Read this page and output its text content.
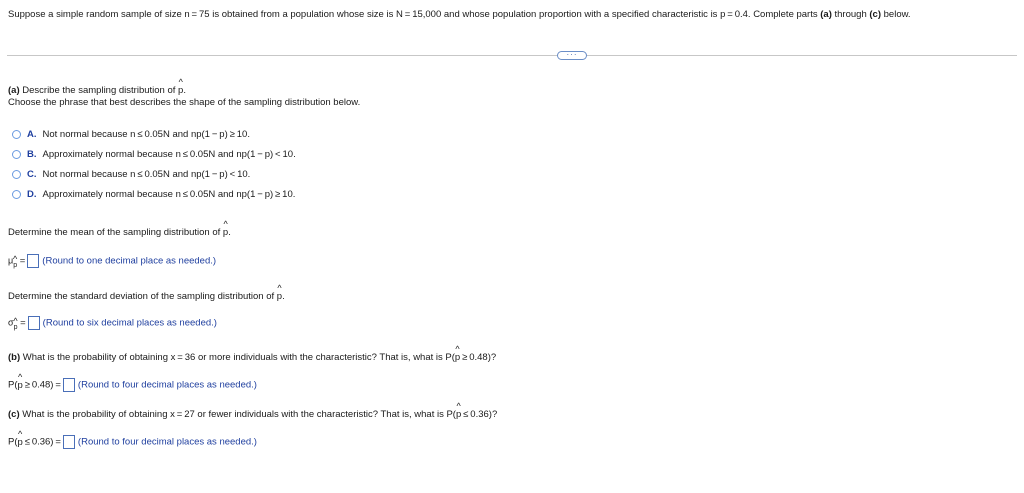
Suppose a simple random sample of size n = 75 is obtained from a population whose size is N = 15,000 and whose population proportion with a specified characteristic is p = 0.4. Complete parts (a) through (c) below.
···
(a) Describe the sampling distribution of ^ p.
Choose the phrase that best describes the shape of the sampling distribution below.
A. Not normal because n ≤ 0.05N and np(1 − p) ≥ 10.
B. Approximately normal because n ≤ 0.05N and np(1 − p) < 10.
C. Not normal because n ≤ 0.05N and np(1 − p) < 10.
D. Approximately normal because n ≤ 0.05N and np(1 − p) ≥ 10.
Determine the mean of the sampling distribution of ^ p.
μ^ $_p$ = (Round to one decimal place as needed.)
Determine the standard deviation of the sampling distribution of ^ p.
σ^ $_p$ = (Round to six decimal places as needed.)
(b) What is the probability of obtaining x = 36 or more individuals with the characteristic? That is, what is P(^ p ≥ 0.48)?
P(^ p ≥ 0.48) = (Round to four decimal places as needed.)
(c) What is the probability of obtaining x = 27 or fewer individuals with the characteristic? That is, what is P(^ p ≤ 0.36)?
P(^ p ≤ 0.36) = (Round to four decimal places as needed.)
